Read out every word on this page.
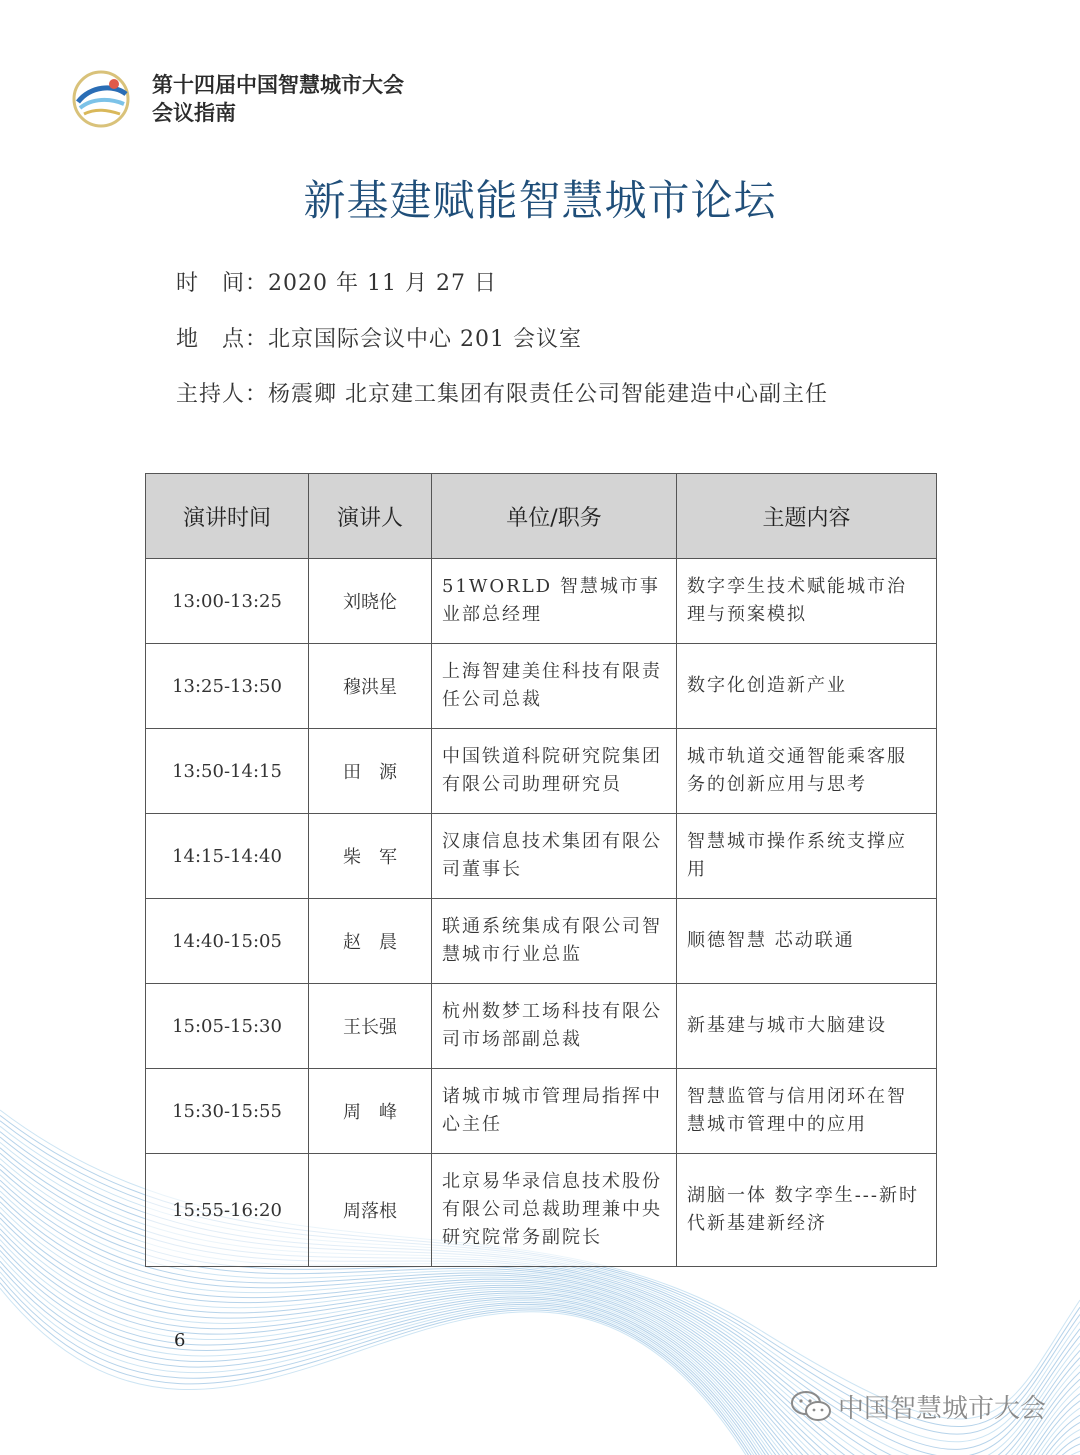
第十四届中国智慧城市大会
会议指南
新基建赋能智慧城市论坛
时　间：2020 年 11 月 27 日
地　点：北京国际会议中心 201 会议室
主持人：杨震卿 北京建工集团有限责任公司智能建造中心副主任
演讲时间	演讲人	单位/职务	主题内容
13:00-13:25	刘晓伦	51WORLD 智慧城市事业部总经理	数字孪生技术赋能城市治理与预案模拟
13:25-13:50	穆洪星	上海智建美住科技有限责任公司总裁	数字化创造新产业
13:50-14:15	田　源	中国铁道科院研究院集团有限公司助理研究员	城市轨道交通智能乘客服务的创新应用与思考
14:15-14:40	柴　军	汉康信息技术集团有限公司董事长	智慧城市操作系统支撑应用
14:40-15:05	赵　晨	联通系统集成有限公司智慧城市行业总监	顺德智慧 芯动联通
15:05-15:30	王长强	杭州数梦工场科技有限公司市场部副总裁	新基建与城市大脑建设
15:30-15:55	周　峰	诸城市城市管理局指挥中心主任	智慧监管与信用闭环在智慧城市管理中的应用
15:55-16:20	周落根	北京易华录信息技术股份有限公司总裁助理兼中央研究院常务副院长	湖脑一体 数字孪生---新时代新基建新经济
6
中国智慧城市大会
